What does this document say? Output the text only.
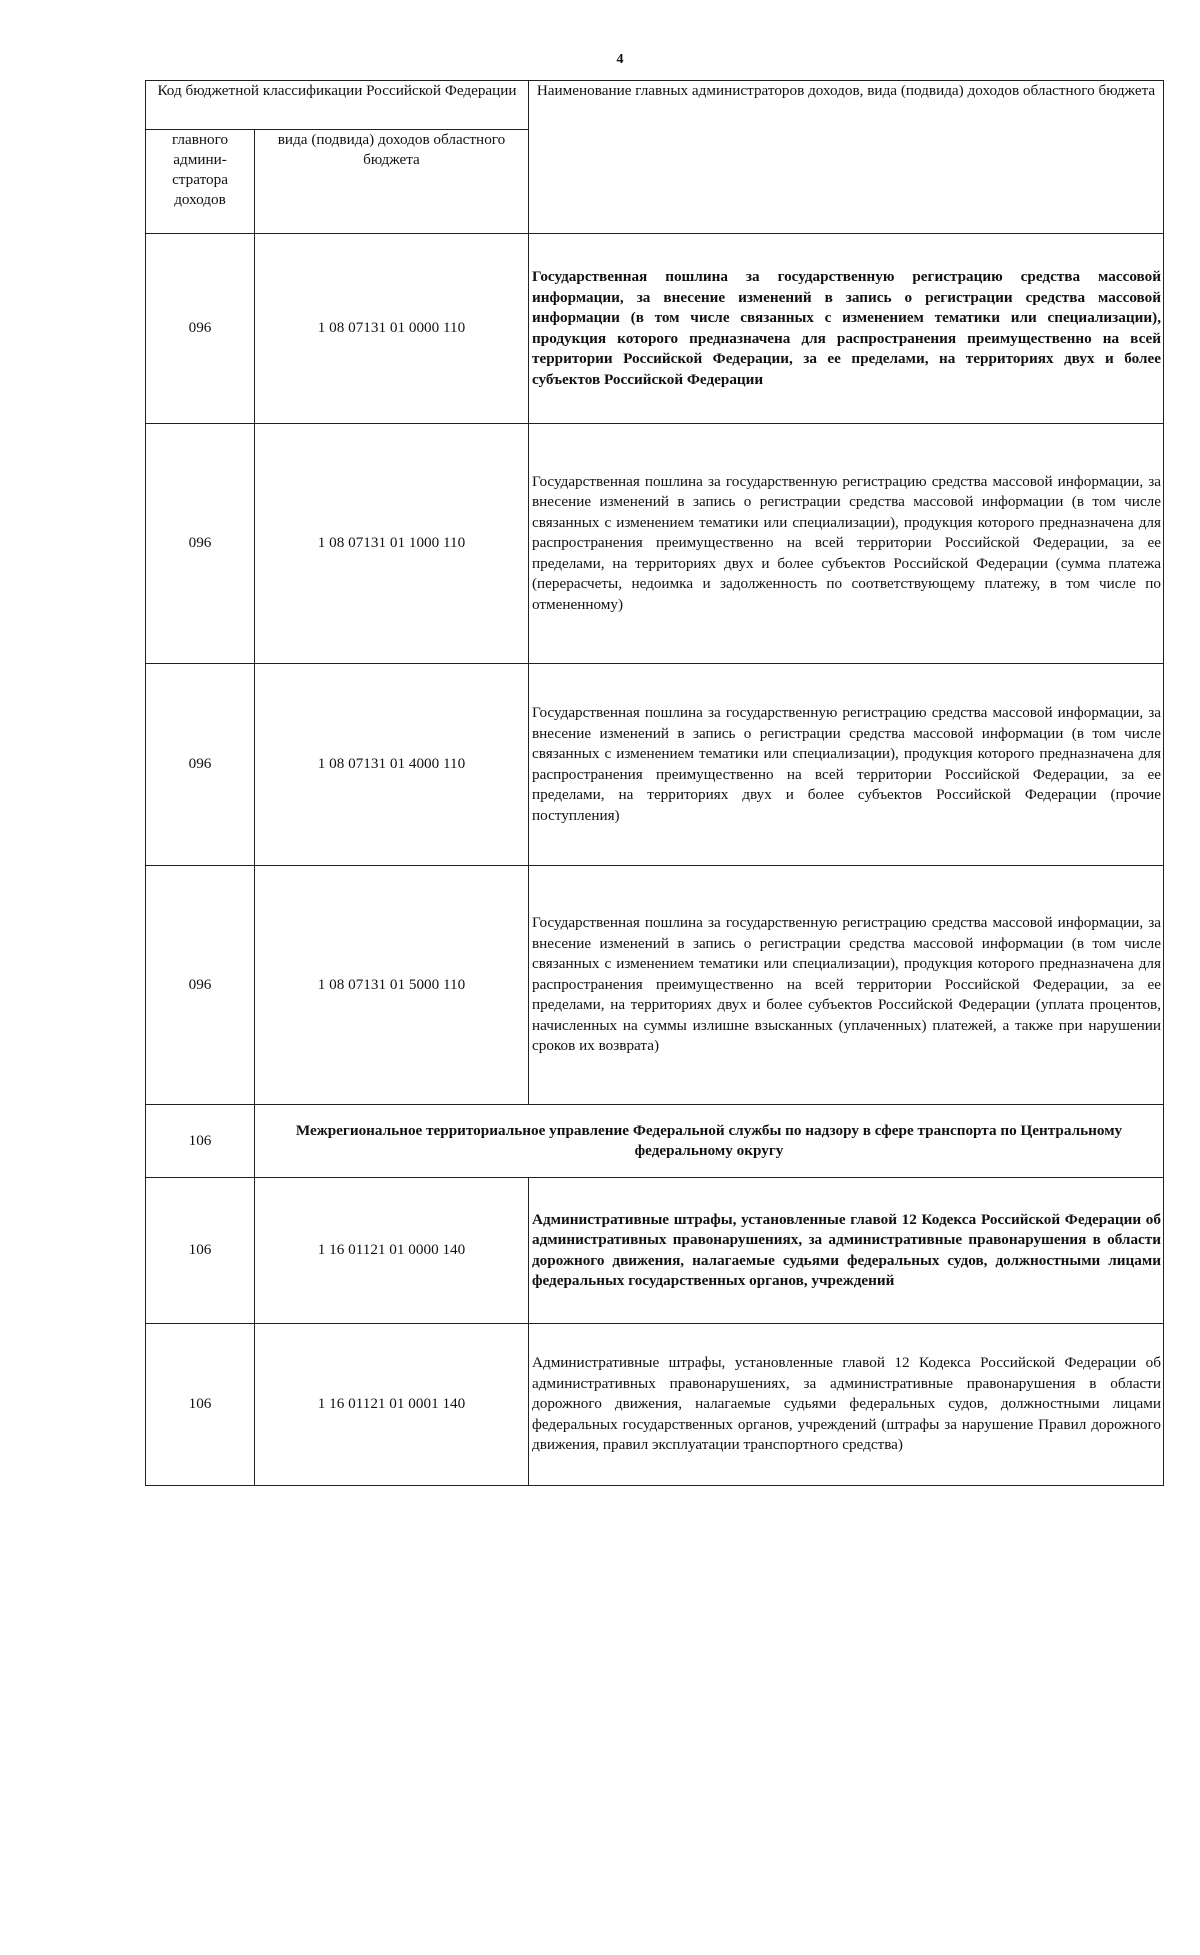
4
Код бюджетной классификации Российской Федерации		Наименование главных администраторов доходов, вида (подвида) доходов областного бюджета
главного админи- стратора доходов	вида (подвида) доходов областного бюджета	
096	1 08 07131 01 0000 110	Государственная пошлина за государственную регистрацию средства массовой информации, за внесение изменений в запись о регистрации средства массовой информации (в том числе связанных с изменением тематики или специализации), продукция которого предназначена для распространения преимущественно на всей территории Российской Федерации, за ее пределами, на территориях двух и более субъектов Российской Федерации
096	1 08 07131 01 1000 110	Государственная пошлина за государственную регистрацию средства массовой информации, за внесение изменений в запись о регистрации средства массовой информации (в том числе связанных с изменением тематики или специализации), продукция которого предназначена для распространения преимущественно на всей территории Российской Федерации, за ее пределами, на территориях двух и более субъектов Российской Федерации (сумма платежа (перерасчеты, недоимка и задолженность по соответствующему платежу, в том числе по отмененному)
096	1 08 07131 01 4000 110	Государственная пошлина за государственную регистрацию средства массовой информации, за внесение изменений в запись о регистрации средства массовой информации (в том числе связанных с изменением тематики или специализации), продукция которого предназначена для распространения преимущественно на всей территории Российской Федерации, за ее пределами, на территориях двух и более субъектов Российской Федерации (прочие поступления)
096	1 08 07131 01 5000 110	Государственная пошлина за государственную регистрацию средства массовой информации, за внесение изменений в запись о регистрации средства массовой информации (в том числе связанных с изменением тематики или специализации), продукция которого предназначена для распространения преимущественно на всей территории Российской Федерации, за ее пределами, на территориях двух и более субъектов Российской Федерации (уплата процентов, начисленных на суммы излишне взысканных (уплаченных) платежей, а также при нарушении сроков их возврата)
106	Межрегиональное территориальное управление Федеральной службы по надзору в сфере транспорта по Центральному федеральному округу	
106	1 16 01121 01 0000 140	Административные штрафы, установленные главой 12 Кодекса Российской Федерации об административных правонарушениях, за административные правонарушения в области дорожного движения, налагаемые судьями федеральных судов, должностными лицами федеральных государственных органов, учреждений
106	1 16 01121 01 0001 140	Административные штрафы, установленные главой 12 Кодекса Российской Федерации об административных правонарушениях, за административные правонарушения в области дорожного движения, налагаемые судьями федеральных судов, должностными лицами федеральных государственных органов, учреждений (штрафы за нарушение Правил дорожного движения, правил эксплуатации транспортного средства)
